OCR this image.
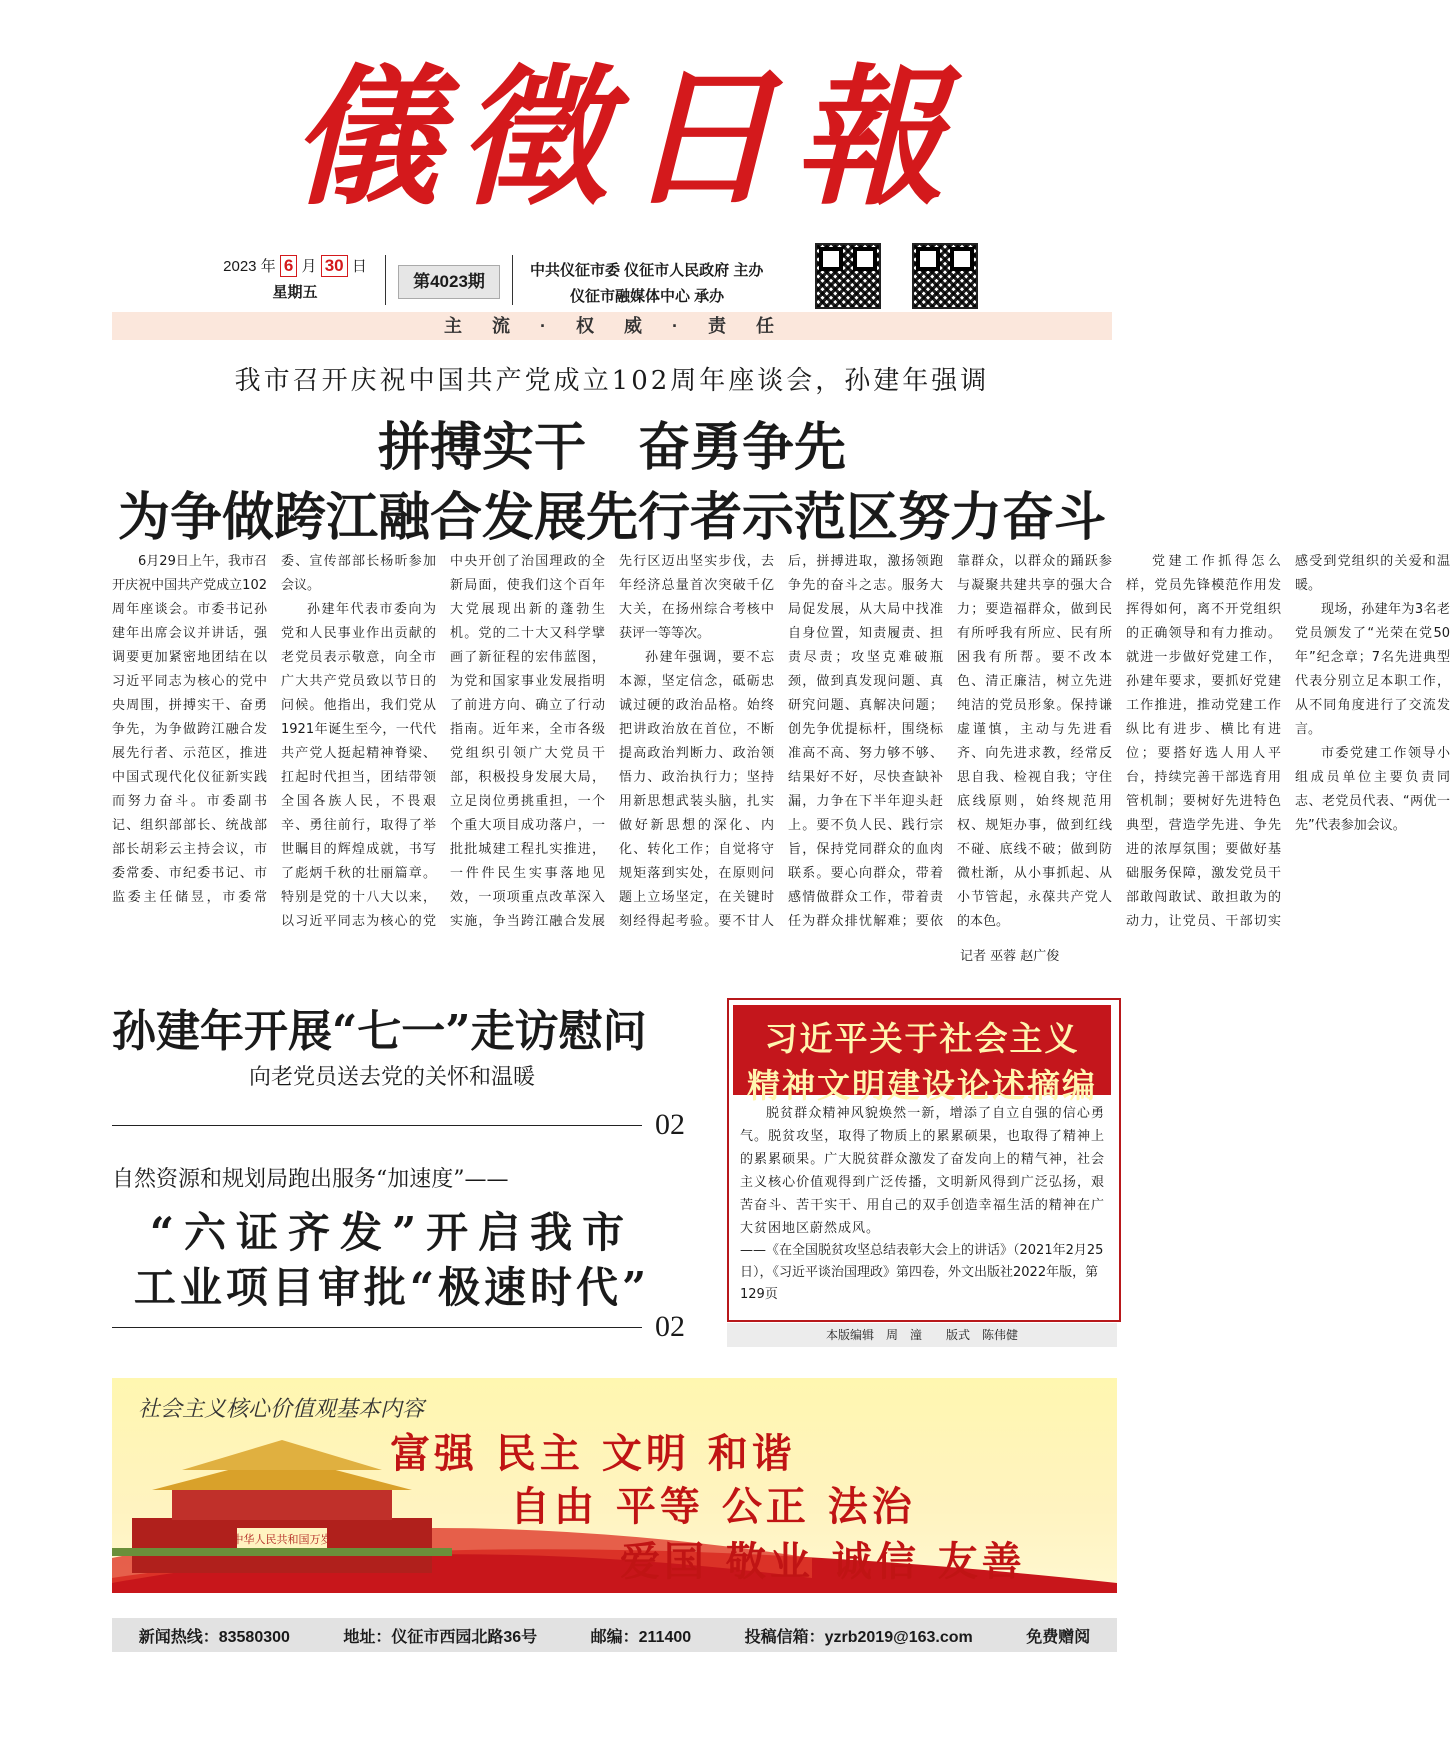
儀徵日報
2023 年 6 月 30 日
星期五
第4023期
中共仪征市委 仪征市人民政府 主办
仪征市融媒体中心 承办
主　流　·　权　威　·　责　任
我市召开庆祝中国共产党成立102周年座谈会，孙建年强调
拼搏实干　奋勇争先
为争做跨江融合发展先行者示范区努力奋斗

6月29日上午，我市召开庆祝中国共产党成立102周年座谈会。市委书记孙建年出席会议并讲话，强调要更加紧密地团结在以习近平同志为核心的党中央周围，拼搏实干、奋勇争先，为争做跨江融合发展先行者、示范区，推进中国式现代化仪征新实践而努力奋斗。市委副书记、组织部部长、统战部部长胡彩云主持会议，市委常委、市纪委书记、市监委主任储昱，市委常委、宣传部部长杨昕参加会议。

孙建年代表市委向为党和人民事业作出贡献的老党员表示敬意，向全市广大共产党员致以节日的问候。他指出，我们党从1921年诞生至今，一代代共产党人挺起精神脊梁、扛起时代担当，团结带领全国各族人民，不畏艰辛、勇往前行，取得了举世瞩目的辉煌成就，书写了彪炳千秋的壮丽篇章。特别是党的十八大以来，以习近平同志为核心的党中央开创了治国理政的全新局面，使我们这个百年大党展现出新的蓬勃生机。党的二十大又科学擘画了新征程的宏伟蓝图，为党和国家事业发展指明了前进方向、确立了行动指南。近年来，全市各级党组织引领广大党员干部，积极投身发展大局，立足岗位勇挑重担，一个个重大项目成功落户，一批批城建工程扎实推进，一件件民生实事落地见效，一项项重点改革深入实施，争当跨江融合发展先行区迈出坚实步伐，去年经济总量首次突破千亿大关，在扬州综合考核中获评一等等次。

孙建年强调，要不忘本源，坚定信念，砥砺忠诚过硬的政治品格。始终把讲政治放在首位，不断提高政治判断力、政治领悟力、政治执行力；坚持用新思想武装头脑，扎实做好新思想的深化、内化、转化工作；自觉将守规矩落到实处，在原则问题上立场坚定，在关键时刻经得起考验。要不甘人后，拼搏进取，激扬领跑争先的奋斗之志。服务大局促发展，从大局中找准自身位置，知责履责、担责尽责；攻坚克难破瓶颈，做到真发现问题、真研究问题、真解决问题；创先争优提标杆，围绕标准高不高、努力够不够、结果好不好，尽快查缺补漏，力争在下半年迎头赶上。要不负人民、践行宗旨，保持党同群众的血肉联系。要心向群众，带着感情做群众工作，带着责任为群众排忧解难；要依靠群众，以群众的踊跃参与凝聚共建共享的强大合力；要造福群众，做到民有所呼我有所应、民有所困我有所帮。要不改本色、清正廉洁，树立先进纯洁的党员形象。保持谦虚谨慎，主动与先进看齐、向先进求教，经常反思自我、检视自我；守住底线原则，始终规范用权、规矩办事，做到红线不碰、底线不破；做到防微杜渐，从小事抓起、从小节管起，永葆共产党人的本色。

党建工作抓得怎么样，党员先锋模范作用发挥得如何，离不开党组织的正确领导和有力推动。就进一步做好党建工作，孙建年要求，要抓好党建工作推进，推动党建工作纵比有进步、横比有进位；要搭好选人用人平台，持续完善干部选育用管机制；要树好先进特色典型，营造学先进、争先进的浓厚氛围；要做好基础服务保障，激发党员干部敢闯敢试、敢担敢为的动力，让党员、干部切实感受到党组织的关爱和温暖。

现场，孙建年为3名老党员颁发了“光荣在党50年”纪念章；7名先进典型代表分别立足本职工作，从不同角度进行了交流发言。

市委党建工作领导小组成员单位主要负责同志、老党员代表、“两优一先”代表参加会议。

记者 巫蓉 赵广俊
孙建年开展“七一”走访慰问
向老党员送去党的关怀和温暖
02
自然资源和规划局跑出服务“加速度”——
“六证齐发”开启我市
工业项目审批“极速时代”
02
习近平关于社会主义
精神文明建设论述摘编
脱贫群众精神风貌焕然一新，增添了自立自强的信心勇气。脱贫攻坚，取得了物质上的累累硕果，也取得了精神上的累累硕果。广大脱贫群众激发了奋发向上的精气神，社会主义核心价值观得到广泛传播，文明新风得到广泛弘扬，艰苦奋斗、苦干实干、用自己的双手创造幸福生活的精神在广大贫困地区蔚然成风。
——《在全国脱贫攻坚总结表彰大会上的讲话》（2021年2月25日），《习近平谈治国理政》第四卷，外文出版社2022年版，第129页
本版编辑　周　潼　　版式　陈伟健
中华人民共和国万岁
社会主义核心价值观基本内容
富强 民主 文明 和谐
自由 平等 公正 法治
爱国 敬业 诚信 友善
新闻热线：83580300	地址：仪征市西园北路36号	邮编：211400	投稿信箱：yzrb2019@163.com	免费赠阅
